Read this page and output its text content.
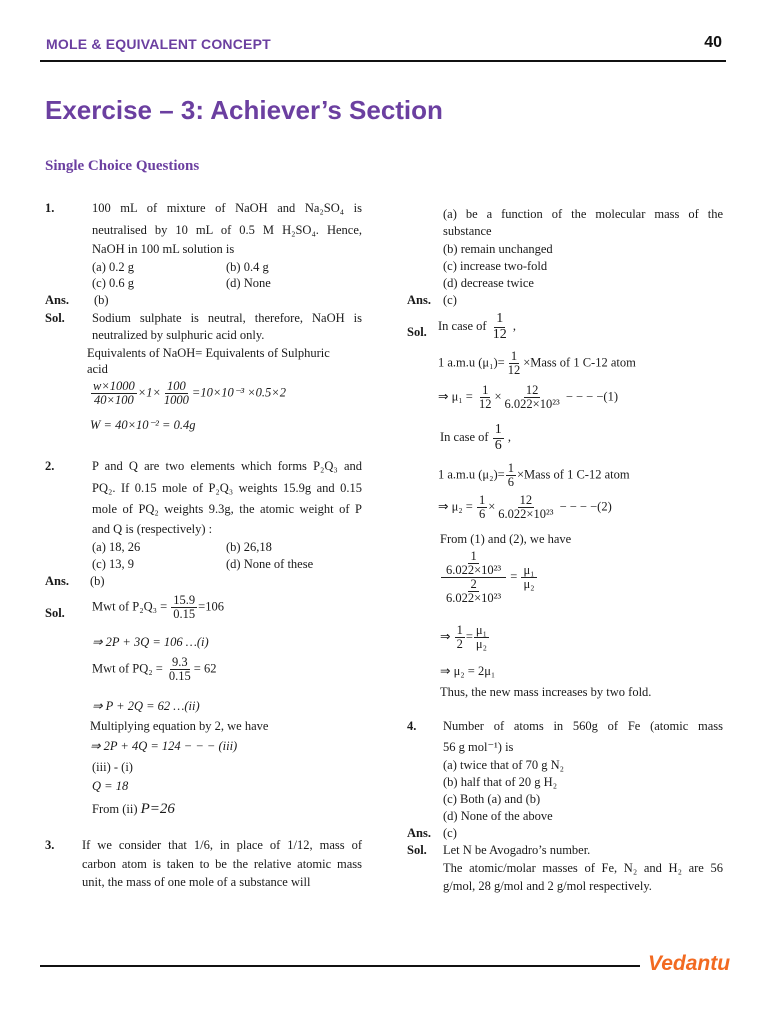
MOLE & EQUIVALENT CONCEPT	40
Exercise – 3: Achiever’s Section
Single Choice Questions
1.	100 mL of mixture of NaOH and Na₂SO₄ is
neutralised by 10 mL of 0.5 M H₂SO₄. Hence,
NaOH in 100 mL solution is
(a) 0.2 g	(b) 0.4 g
(c) 0.6 g	(d) None
Ans. (b)
Sol. Sodium sulphate is neutral, therefore, NaOH is
neutralized by sulphuric acid only.
Equivalents of NaOH= Equivalents of Sulphuric
acid
$\frac{w\times 1000}{40\times 100} \times 1\times \frac{100}{1000} =10\times 10^{-3} \times 0.5\times 2$
W = 40×10⁻² = 0.4g
2.	P and Q are two elements which forms P₂Q₃ and
PQ₂. If 0.15 mole of P₂Q₃ weights 15.9g and 0.15
mole of PQ₂ weights 9.3g, the atomic weight of P
and Q is (respectively) :
(a) 18, 26	(b) 26,18
(c) 13, 9	(d) None of these
Ans. (b)
Sol. Mwt of $P_2Q_3 = \frac{15.9}{0.15} =106$
⇒ 2P + 3Q = 106 …(i)
Mwt of $PQ_2 = \frac{9.3}{0.15} = 62$
⇒ P + 2Q = 62 …(ii)
Multiplying equation by 2, we have
⇒ 2P + 4Q = 124 − − − (iii)
(iii) - (i)
Q = 18
From (ii) P=26
3. If we consider that 1/6, in place of 1/12, mass of
carbon atom is taken to be the relative atomic mass
unit, the mass of one mole of a substance will
(a) be a function of the molecular mass of the
substance
(b) remain unchanged
(c) increase two-fold
(d) decrease twice
Ans. (c)
Sol. In case of $\frac{1}{12}$ ,
1 a.m.u $(\mu_1)= \frac{1}{12}$ ×Mass of 1 C-12 atom
⇒ $\mu_1 = \frac{1}{12} \times \frac{12}{\text{6.022×10²³}}$ − − − −(1)
In case of $\frac{1}{6}$ ,
1 a.m.u $(\mu_2)= \frac{1}{6}$ ×Mass of 1 C-12 atom
⇒ $\mu_2 = \frac{1}{6} \times \frac{12}{\text{6.022×10²³}}$ − − − −(2)
From (1) and (2), we have
$\frac{\frac{1}{\text{6.022×10²³}}}{\frac{2}{\text{6.022×10²³}}} = \frac{\text{μ₁}}{\text{μ₂}}$
⇒ $\frac{1}{2} = \frac{\text{μ₁}}{\text{μ₂}}$
⇒ μ₂ = 2μ₁
Thus, the new mass increases by two fold.
4. Number of atoms in 560g of Fe (atomic mass
56 g mol⁻¹) is
(a) twice that of 70 g N₂
(b) half that of 20 g H₂
(c) Both (a) and (b)
(d) None of the above
Ans. (c)
Sol. Let N be Avogadro’s number.
The atomic/molar masses of Fe, N₂ and H₂ are 56
g/mol, 28 g/mol and 2 g/mol respectively.
Vedantu
